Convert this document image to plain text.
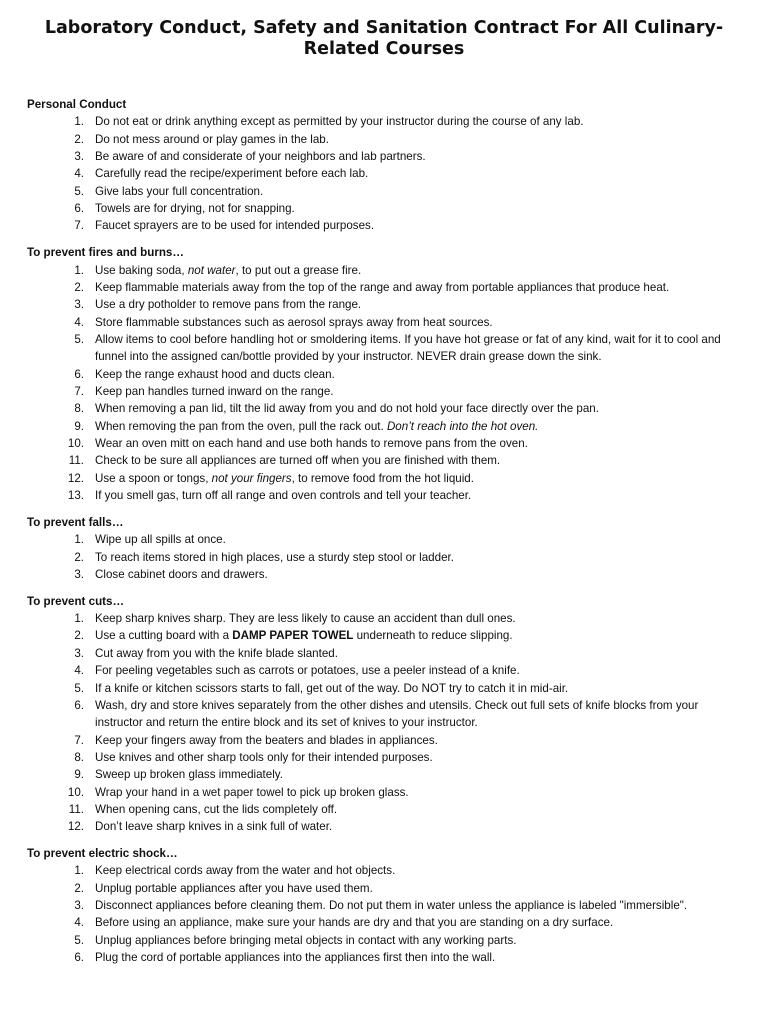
Laboratory Conduct, Safety and Sanitation Contract For All Culinary-
Related Courses
Personal Conduct
1. Do not eat or drink anything except as permitted by your instructor during the course of any lab.
2. Do not mess around or play games in the lab.
3. Be aware of and considerate of your neighbors and lab partners.
4. Carefully read the recipe/experiment before each lab.
5. Give labs your full concentration.
6. Towels are for drying, not for snapping.
7. Faucet sprayers are to be used for intended purposes.
To prevent fires and burns…
1. Use baking soda, not water, to put out a grease fire.
2. Keep flammable materials away from the top of the range and away from portable appliances that produce heat.
3. Use a dry potholder to remove pans from the range.
4. Store flammable substances such as aerosol sprays away from heat sources.
5. Allow items to cool before handling hot or smoldering items. If you have hot grease or fat of any kind, wait for it to cool and funnel into the assigned can/bottle provided by your instructor. NEVER drain grease down the sink.
6. Keep the range exhaust hood and ducts clean.
7. Keep pan handles turned inward on the range.
8. When removing a pan lid, tilt the lid away from you and do not hold your face directly over the pan.
9. When removing the pan from the oven, pull the rack out. Don’t reach into the hot oven.
10. Wear an oven mitt on each hand and use both hands to remove pans from the oven.
11. Check to be sure all appliances are turned off when you are finished with them.
12. Use a spoon or tongs, not your fingers, to remove food from the hot liquid.
13. If you smell gas, turn off all range and oven controls and tell your teacher.
To prevent falls…
1. Wipe up all spills at once.
2. To reach items stored in high places, use a sturdy step stool or ladder.
3. Close cabinet doors and drawers.
To prevent cuts…
1. Keep sharp knives sharp. They are less likely to cause an accident than dull ones.
2. Use a cutting board with a DAMP PAPER TOWEL underneath to reduce slipping.
3. Cut away from you with the knife blade slanted.
4. For peeling vegetables such as carrots or potatoes, use a peeler instead of a knife.
5. If a knife or kitchen scissors starts to fall, get out of the way. Do NOT try to catch it in mid-air.
6. Wash, dry and store knives separately from the other dishes and utensils. Check out full sets of knife blocks from your instructor and return the entire block and its set of knives to your instructor.
7. Keep your fingers away from the beaters and blades in appliances.
8. Use knives and other sharp tools only for their intended purposes.
9. Sweep up broken glass immediately.
10. Wrap your hand in a wet paper towel to pick up broken glass.
11. When opening cans, cut the lids completely off.
12. Don’t leave sharp knives in a sink full of water.
To prevent electric shock…
1. Keep electrical cords away from the water and hot objects.
2. Unplug portable appliances after you have used them.
3. Disconnect appliances before cleaning them. Do not put them in water unless the appliance is labeled "immersible".
4. Before using an appliance, make sure your hands are dry and that you are standing on a dry surface.
5. Unplug appliances before bringing metal objects in contact with any working parts.
6. Plug the cord of portable appliances into the appliances first then into the wall.
